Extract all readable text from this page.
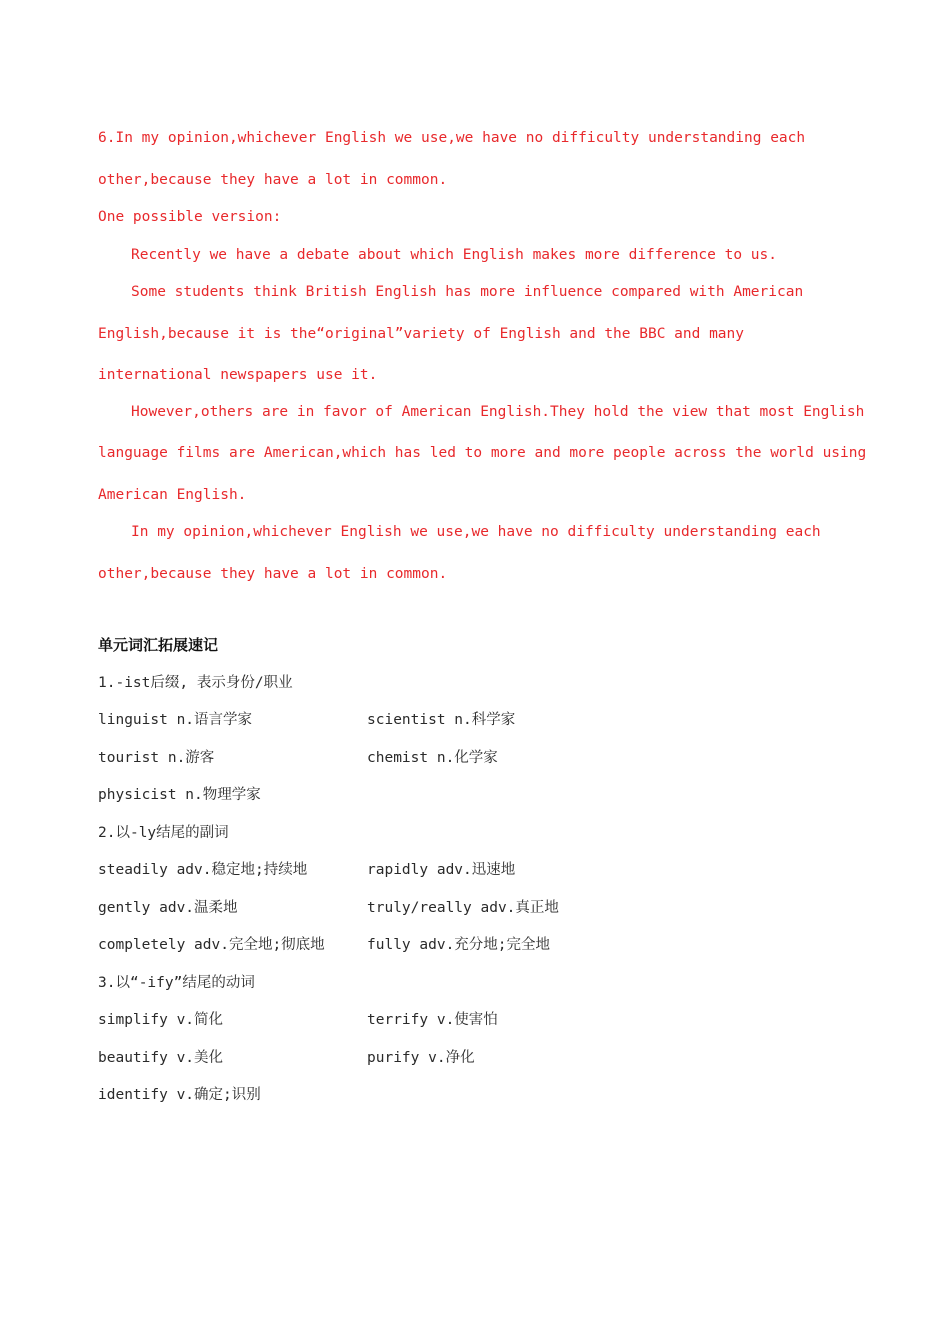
6.In my opinion,whichever English we use,we have no difficulty understanding each
other,because they have a lot in common.
One possible version:
Recently we have a debate about which English makes more difference to us.
Some students think British English has more influence compared with American
English,because it is the“original”variety of English and the BBC and many
international newspapers use it.
However,others are in favor of American English.They hold the view that most English
language films are American,which has led to more and more people across the world using
American English.
In my opinion,whichever English we use,we have no difficulty understanding each
other,because they have a lot in common.
单元词汇拓展速记
1.-ist后缀, 表示身份/职业
linguist n.语言学家	scientist n.科学家
tourist n.游客	chemist n.化学家
physicist n.物理学家
2.以-ly结尾的副词
steadily adv.稳定地;持续地	rapidly adv.迅速地
gently adv.温柔地	truly/really adv.真正地
completely adv.完全地;彻底地	fully adv.充分地;完全地
3.以“-ify”结尾的动词
simplify v.简化	terrify v.使害怕
beautify v.美化	purify v.净化
identify v.确定;识别
